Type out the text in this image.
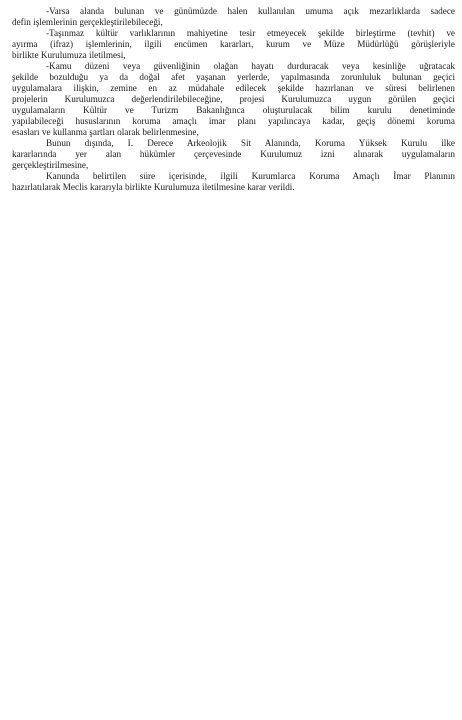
-Varsa alanda bulunan ve günümüzde halen kullanılan umuma açık mezarlıklarda sadece
defin işlemlerinin gerçekleştirilebileceği,
-Taşınmaz kültür varlıklarının mahiyetine tesir etmeyecek şekilde birleştirme (tevhit) ve
ayırma (ifraz) işlemlerinin, ilgili encümen kararları, kurum ve Müze Müdürlüğü görüşleriyle
birlikte Kurulumuza iletilmesi,
-Kamu düzeni veya güvenliğinin olağan hayatı durduracak veya kesinliğe uğratacak
şekilde bozulduğu ya da doğal afet yaşanan yerlerde, yapılmasında zorunluluk bulunan geçici
uygulamalara ilişkin, zemine en az müdahale edilecek şekilde hazırlanan ve süresi belirlenen
projelerin Kurulumuzca değerlendirilebileceğine, projesi Kurulumuzca uygun görülen geçici
uygulamaların Kültür ve Turizm Bakanlığınca oluşturulacak bilim kurulu denetiminde
yapılabileceği hususlarının koruma amaçlı imar planı yapılıncaya kadar, geçiş dönemi koruma
esasları ve kullanma şartları olarak belirlenmesine,
Bunun dışında, I. Derece Arkeolojik Sit Alanında, Koruma Yüksek Kurulu ilke
kararlarında yer alan hükümler çerçevesinde Kurulumuz izni alınarak uygulamaların
gerçekleştirilmesine,
Kanunda belirtilen süre içerisinde, ilgili Kurumlarca Koruma Amaçlı İmar Planının
hazırlatılarak Meclis kararıyla birlikte Kurulumuza iletilmesine karar verildi.
